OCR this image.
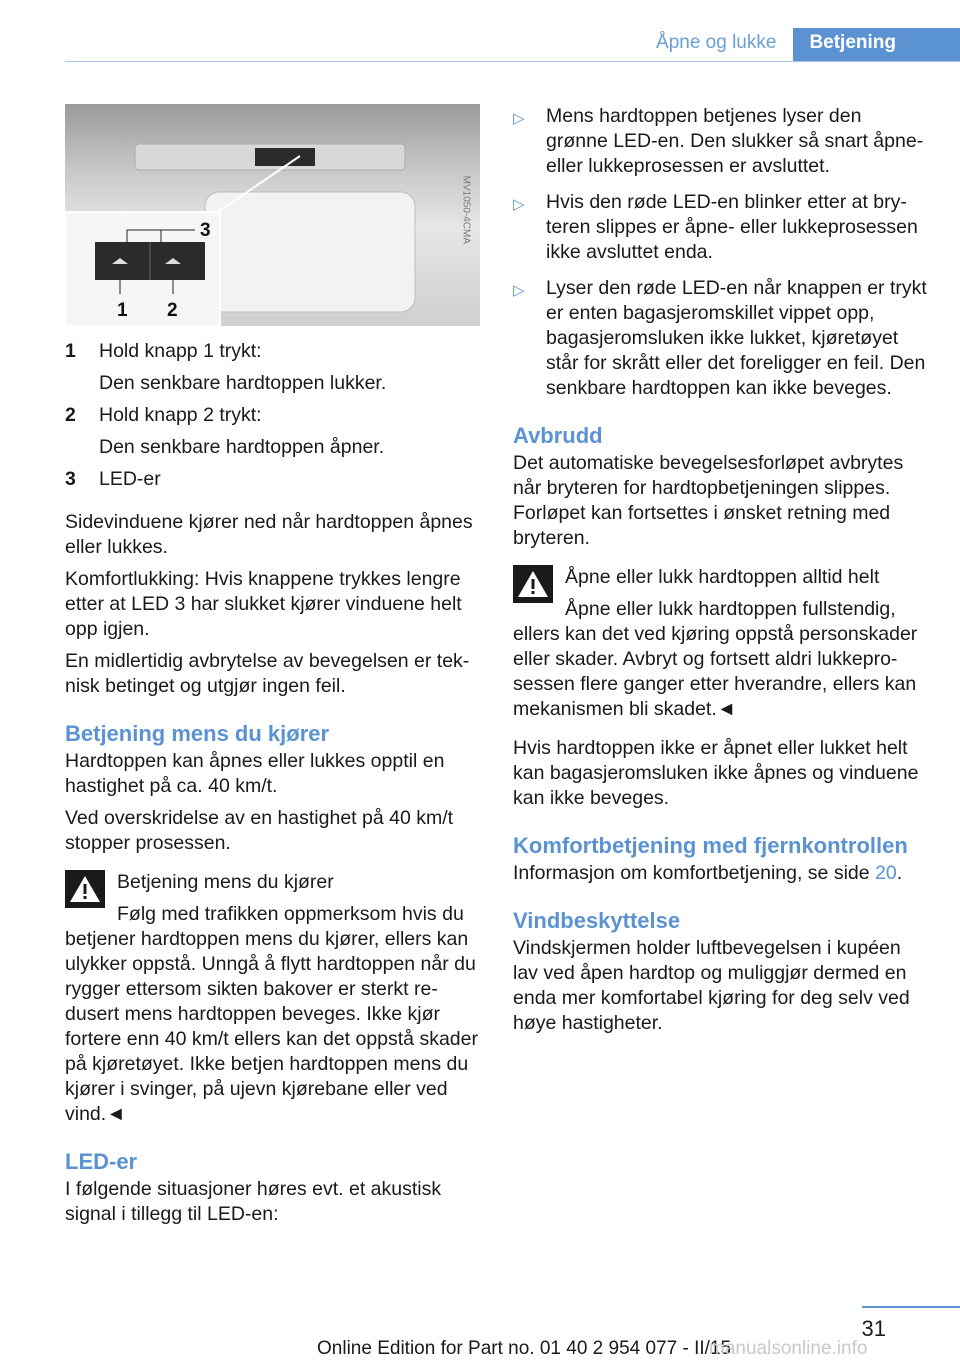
Åpne og lukke	Betjening
1 2
3	MV1050-4CMA
1	Hold knapp 1 trykt:
Den senkbare hardtoppen lukker.
2	Hold knapp 2 trykt:
Den senkbare hardtoppen åpner.
3	LED-er

Sidevinduene kjører ned når hardtoppen åpnes eller lukkes.

Komfortlukking: Hvis knappene trykkes lengre etter at LED 3 har slukket kjører vinduene helt opp igjen.

En midlertidig avbrytelse av bevegelsen er teknisk betinget og utgjør ingen feil.

Betjening mens du kjører

Hardtoppen kan åpnes eller lukkes opptil en hastighet på ca. 40 km/t.

Ved overskridelse av en hastighet på 40 km/t stopper prosessen.

Betjening mens du kjører
Følg med trafikken oppmerksom hvis du betjener hardtoppen mens du kjører, ellers kan ulykker oppstå. Unngå å flytt hardtoppen når du rygger ettersom sikten bakover er sterkt redusert mens hardtoppen beveges. Ikke kjør fortere enn 40 km/t ellers kan det oppstå skader på kjøretøyet. Ikke betjen hardtoppen mens du kjører i svinger, på ujevn kjørebane eller ved vind.◄
LED-er

I følgende situasjoner høres evt. et akustisk signal i tillegg til LED-en:

▷	Mens hardtoppen betjenes lyser den grønne LED-en. Den slukker så snart åpne- eller lukkeprosessen er avsluttet.
▷	Hvis den røde LED-en blinker etter at bryteren slippes er åpne- eller lukkeprosessen ikke avsluttet enda.
▷	Lyser den røde LED-en når knappen er trykt er enten bagasjeromskillet vippet opp, bagasjeromsluken ikke lukket, kjøretøyet står for skrått eller det foreligger en feil. Den senkbare hardtoppen kan ikke beveges.
Avbrudd

Det automatiske bevegelsesforløpet avbrytes når bryteren for hardtopbetjeningen slippes. Forløpet kan fortsettes i ønsket retning med bryteren.

Åpne eller lukk hardtoppen alltid helt
Åpne eller lukk hardtoppen fullstendig, ellers kan det ved kjøring oppstå personskader eller skader. Avbryt og fortsett aldri lukkeprosessen flere ganger etter hverandre, ellers kan mekanismen bli skadet.◄

Hvis hardtoppen ikke er åpnet eller lukket helt kan bagasjeromsluken ikke åpnes og vinduene kan ikke beveges.

Komfortbetjening med fjernkontrollen

Informasjon om komfortbetjening, se side 20.

Vindbeskyttelse

Vindskjermen holder luftbevegelsen i kupéen lav ved åpen hardtop og muliggjør dermed en enda mer komfortabel kjøring for deg selv ved høye hastigheter.

31
Online Edition for Part no. 01 40 2 954 077 - II/15
manualsonline.info
